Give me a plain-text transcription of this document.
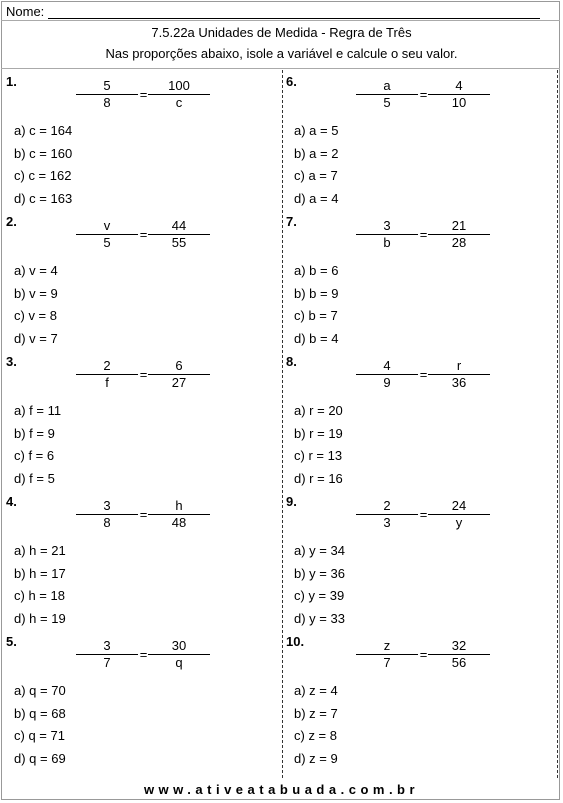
Nome:
7.5.22a Unidades de Medida - Regra de Três
Nas proporções abaixo, isole a variável e calcule o seu valor.
1.	$\frac{5}{8} = \frac{100}{c}$
a) c = 164
b) c = 160
c) c = 162
d) c = 163
2.	$\frac{v}{5} = \frac{44}{55}$
a) v = 4
b) v = 9
c) v = 8
d) v = 7
3.	$\frac{2}{f} = \frac{6}{27}$
a) f = 11
b) f = 9
c) f = 6
d) f = 5
4.	$\frac{3}{8} = \frac{h}{48}$
a) h = 21
b) h = 17
c) h = 18
d) h = 19
5.	$\frac{3}{7} = \frac{30}{q}$
a) q = 70
b) q = 68
c) q = 71
d) q = 69
6.	$\frac{a}{5} = \frac{4}{10}$
a) a = 5
b) a = 2
c) a = 7
d) a = 4
7.	$\frac{3}{b} = \frac{21}{28}$
a) b = 6
b) b = 9
c) b = 7
d) b = 4
8.	$\frac{4}{9} = \frac{r}{36}$
a) r = 20
b) r = 19
c) r = 13
d) r = 16
9.	$\frac{2}{3} = \frac{24}{y}$
a) y = 34
b) y = 36
c) y = 39
d) y = 33
10.	$\frac{z}{7} = \frac{32}{56}$
a) z = 4
b) z = 7
c) z = 8
d) z = 9
www.ativeatabuada.com.br
